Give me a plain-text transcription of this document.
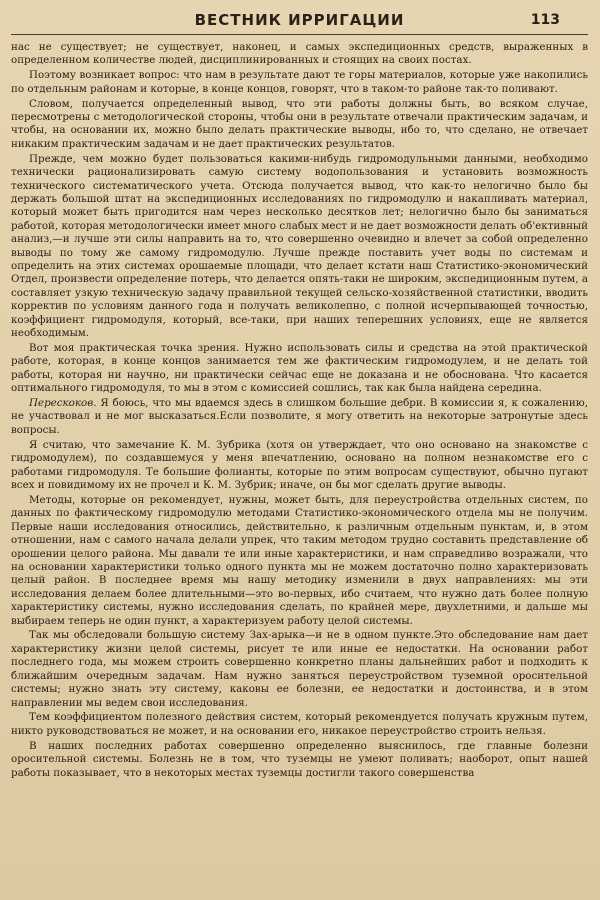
ВЕСТНИК ИРРИГАЦИИ	113

нас не существует; не существует, наконец, и самых экспедиционных средств, выраженных в определенном количестве людей, дисциплинированных и стоящих на своих постах.

Поэтому возникает вопрос: что нам в результате дают те горы материалов, которые уже накопились по отдельным районам и которые, в конце концов, говорят, что в таком-то районе так-то поливают.

Словом, получается определенный вывод, что эти работы должны быть, во всяком случае, пересмотрены с методологической стороны, чтобы они в результате отвечали практическим задачам, и чтобы, на основании их, можно было делать практические выводы, ибо то, что сделано, не отвечает никаким практическим задачам и не дает практических результатов.

Прежде, чем можно будет пользоваться какими-нибудь гидромодульными данными, необходимо технически рационализировать самую систему водопользования и установить возможность технического систематического учета. Отсюда получается вывод, что как-то нелогично было бы держать большой штат на экспедиционных исследованиях по гидромодулю и накапливать материал, который может быть пригодится нам через несколько десятков лет; нелогично было бы заниматься работой, которая методологически имеет много слабых мест и не дает возможности делать об'ективный анализ,—и лучше эти силы направить на то, что совершенно очевидно и влечет за собой определенно выводы по тому же самому гидромодулю. Лучше прежде поставить учет воды по системам и определить на этих системах орошаемые площади, что делает кстати наш Статистико-экономический Отдел, произвести определение потерь, что делается опять-таки не широким, экспедиционным путем, а составляет узкую техническую задачу правильной текущей сельско-хозяйственной статистики, вводить корректив по условиям данного года и получать великолепно, с полной исчерпывающей точностью, коэффициент гидромодуля, который, все-таки, при наших теперешних условиях, еще не является необходимым.

Вот моя практическая точка зрения. Нужно использовать силы и средства на этой практической работе, которая, в конце концов занимается тем же фактическим гидромодулем, и не делать той работы, которая ни научно, ни практически сейчас еще не доказана и не обоснована. Что касается оптимального гидромодуля, то мы в этом с комиссией сошлись, так как была найдена середина.

Перескоков. Я боюсь, что мы вдаемся здесь в слишком большие дебри. В комиссии я, к сожалению, не участвовал и не мог высказаться.Если позволите, я могу ответить на некоторые затронутые здесь вопросы.

Я считаю, что замечание К. М. Зубрика (хотя он утверждает, что оно основано на знакомстве с гидромодулем), по создавшемуся у меня впечатлению, основано на полном незнакомстве его с работами гидромодуля. Те большие фолианты, которые по этим вопросам существуют, обычно пугают всех и повидимому их не прочел и К. М. Зубрик; иначе, он бы мог сделать другие выводы.

Методы, которые он рекомендует, нужны, может быть, для переустройства отдельных систем, по данных по фактическому гидромодулю методами Статистико-экономического отдела мы не получим. Первые наши исследования относились, действительно, к различным отдельным пунктам, и, в этом отношении, нам с самого начала делали упрек, что таким методом трудно составить представление об орошении целого района. Мы давали те или иные характеристики, и нам справедливо возражали, что на основании характеристики только одного пункта мы не можем достаточно полно характеризовать целый район. В последнее время мы нашу методику изменили в двух направлениях: мы эти исследования делаем более длительными—это во-первых, ибо считаем, что нужно дать более полную характеристику системы, нужно исследования сделать, по крайней мере, двухлетними, и дальше мы выбираем теперь не один пункт, а характеризуем работу целой системы.

Так мы обследовали большую систему Зах-арыка—и не в одном пункте.Это обследование нам дает характеристику жизни целой системы, рисует те или иные ее недостатки. На основании работ последнего года, мы можем строить совершенно конкретно планы дальнейших работ и подходить к ближайшим очередным задачам. Нам нужно заняться переустройством туземной оросительной системы; нужно знать эту систему, каковы ее болезни, ее недостатки и достоинства, и в этом направлении мы ведем свои исследования.

Тем коэффициентом полезного действия систем, который рекомендуется получать кружным путем, никто руководствоваться не может, и на основании его, никакое переустройство строить нельзя.

В наших последних работах совершенно определенно выяснилось, где главные болезни оросительной системы. Болезнь не в том, что туземцы не умеют поливать; наоборот, опыт нашей работы показывает, что в некоторых местах туземцы достигли такого совершенства
